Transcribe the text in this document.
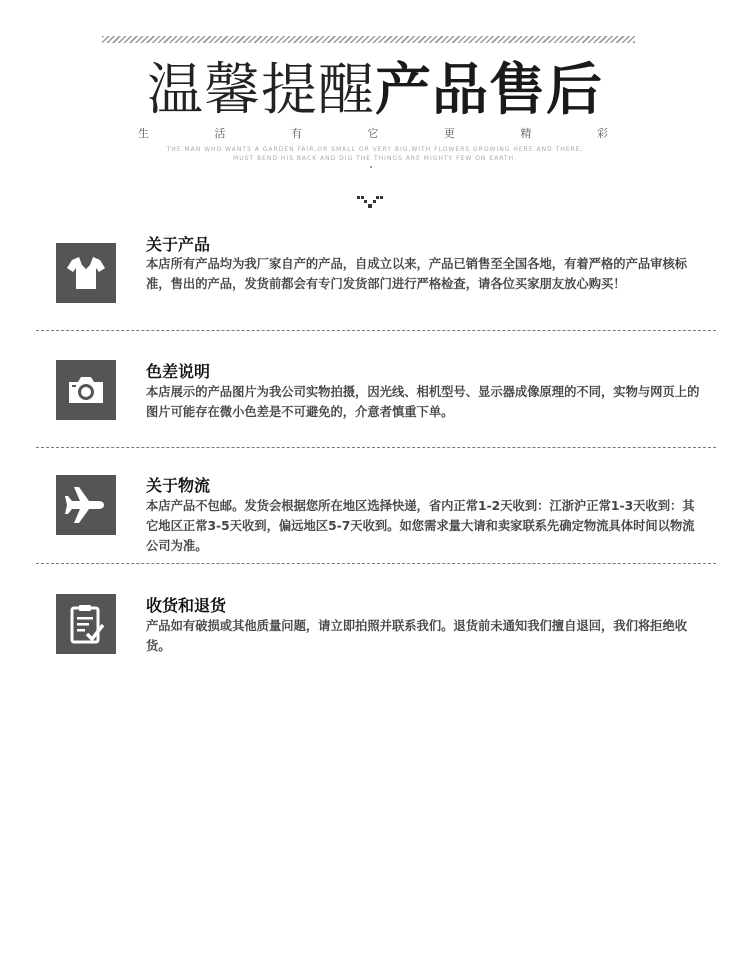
温馨提醒产品售后
生	活	有	它	更	精	彩
THE MAN WHO WANTS A GARDEN FAIR,OR SMALL OR VERY BIG,WITH FLOWERS GROWING HERE AND THERE,
MUST BEND HIS BACK AND DIG THE THINGS ARE MIGHTY FEW ON EARTH.
关于产品
本店所有产品均为我厂家自产的产品，自成立以来，产品已销售至全国各地，有着严格的产品审核标准，售出的产品，发货前都会有专门发货部门进行严格检查，请各位买家朋友放心购买！
色差说明
本店展示的产品图片为我公司实物拍摄，因光线、相机型号、显示器成像原理的不同，实物与网页上的图片可能存在微小色差是不可避免的，介意者慎重下单。
关于物流
本店产品不包邮。发货会根据您所在地区选择快递，省内正常1-2天收到：江浙沪正常1-3天收到：其它地区正常3-5天收到，偏远地区5-7天收到。如您需求量大请和卖家联系先确定物流具体时间以物流公司为准。
收货和退货
产品如有破损或其他质量问题，请立即拍照并联系我们。退货前未通知我们擅自退回，我们将拒绝收货。
